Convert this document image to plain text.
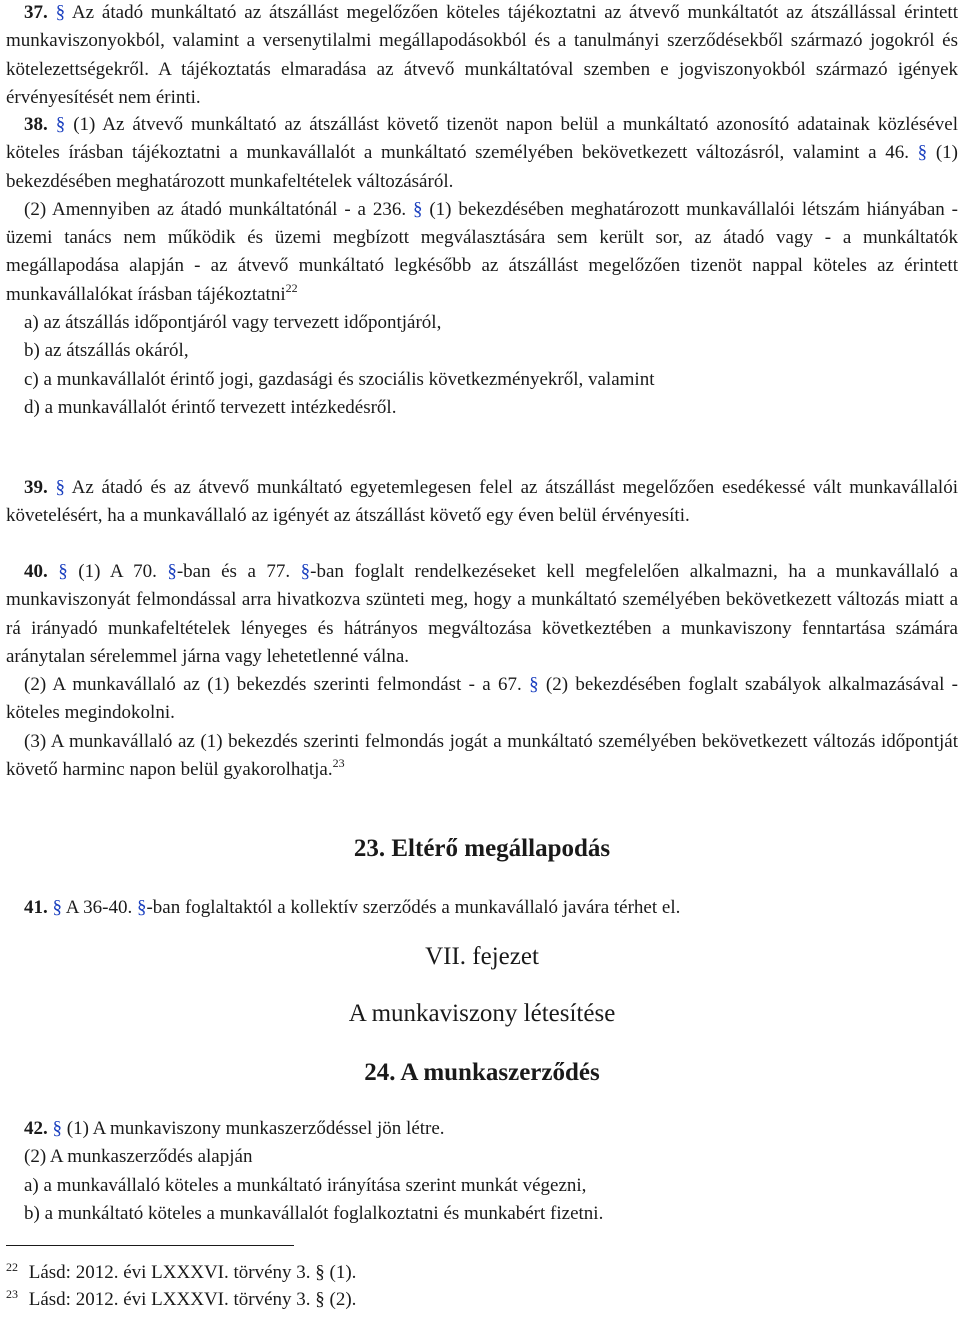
37. § Az átadó munkáltató az átszállást megelőzően köteles tájékoztatni az átvevő munkáltatót az átszállással érintett munkaviszonyokból, valamint a versenytilalmi megállapodásokból és a tanulmányi szerződésekből származó jogokról és kötelezettségekről. A tájékoztatás elmaradása az átvevő munkáltatóval szemben e jogviszonyokból származó igények érvényesítését nem érinti.

38. § (1) Az átvevő munkáltató az átszállást követő tizenöt napon belül a munkáltató azonosító adatainak közlésével köteles írásban tájékoztatni a munkavállalót a munkáltató személyében bekövetkezett változásról, valamint a 46. § (1) bekezdésében meghatározott munkafeltételek változásáról.

(2) Amennyiben az átadó munkáltatónál - a 236. § (1) bekezdésében meghatározott munkavállalói létszám hiányában - üzemi tanács nem működik és üzemi megbízott megválasztására sem került sor, az átadó vagy - a munkáltatók megállapodása alapján - az átvevő munkáltató legkésőbb az átszállást megelőzően tizenöt nappal köteles az érintett munkavállalókat írásban tájékoztatni$^{22}$

a) az átszállás időpontjáról vagy tervezett időpontjáról,

b) az átszállás okáról,

c) a munkavállalót érintő jogi, gazdasági és szociális következményekről, valamint

d) a munkavállalót érintő tervezett intézkedésről.

39. § Az átadó és az átvevő munkáltató egyetemlegesen felel az átszállást megelőzően esedékessé vált munkavállalói követelésért, ha a munkavállaló az igényét az átszállást követő egy éven belül érvényesíti.

40. § (1) A 70. §-ban és a 77. §-ban foglalt rendelkezéseket kell megfelelően alkalmazni, ha a munkavállaló a munkaviszonyát felmondással arra hivatkozva szünteti meg, hogy a munkáltató személyében bekövetkezett változás miatt a rá irányadó munkafeltételek lényeges és hátrányos megváltozása következtében a munkaviszony fenntartása számára aránytalan sérelemmel járna vagy lehetetlenné válna.

(2) A munkavállaló az (1) bekezdés szerinti felmondást - a 67. § (2) bekezdésében foglalt szabályok alkalmazásával - köteles megindokolni.

(3) A munkavállaló az (1) bekezdés szerinti felmondás jogát a munkáltató személyében bekövetkezett változás időpontját követő harminc napon belül gyakorolhatja.$^{23}$

23. Eltérő megállapodás

41. § A 36-40. §-ban foglaltaktól a kollektív szerződés a munkavállaló javára térhet el.

VII. fejezet

A munkaviszony létesítése

24. A munkaszerződés

42. § (1) A munkaviszony munkaszerződéssel jön létre.

(2) A munkaszerződés alapján

a) a munkavállaló köteles a munkáltató irányítása szerint munkát végezni,

b) a munkáltató köteles a munkavállalót foglalkoztatni és munkabért fizetni.

$^{22}$ Lásd: 2012. évi LXXXVI. törvény 3. § (1).
$^{23}$ Lásd: 2012. évi LXXXVI. törvény 3. § (2).
